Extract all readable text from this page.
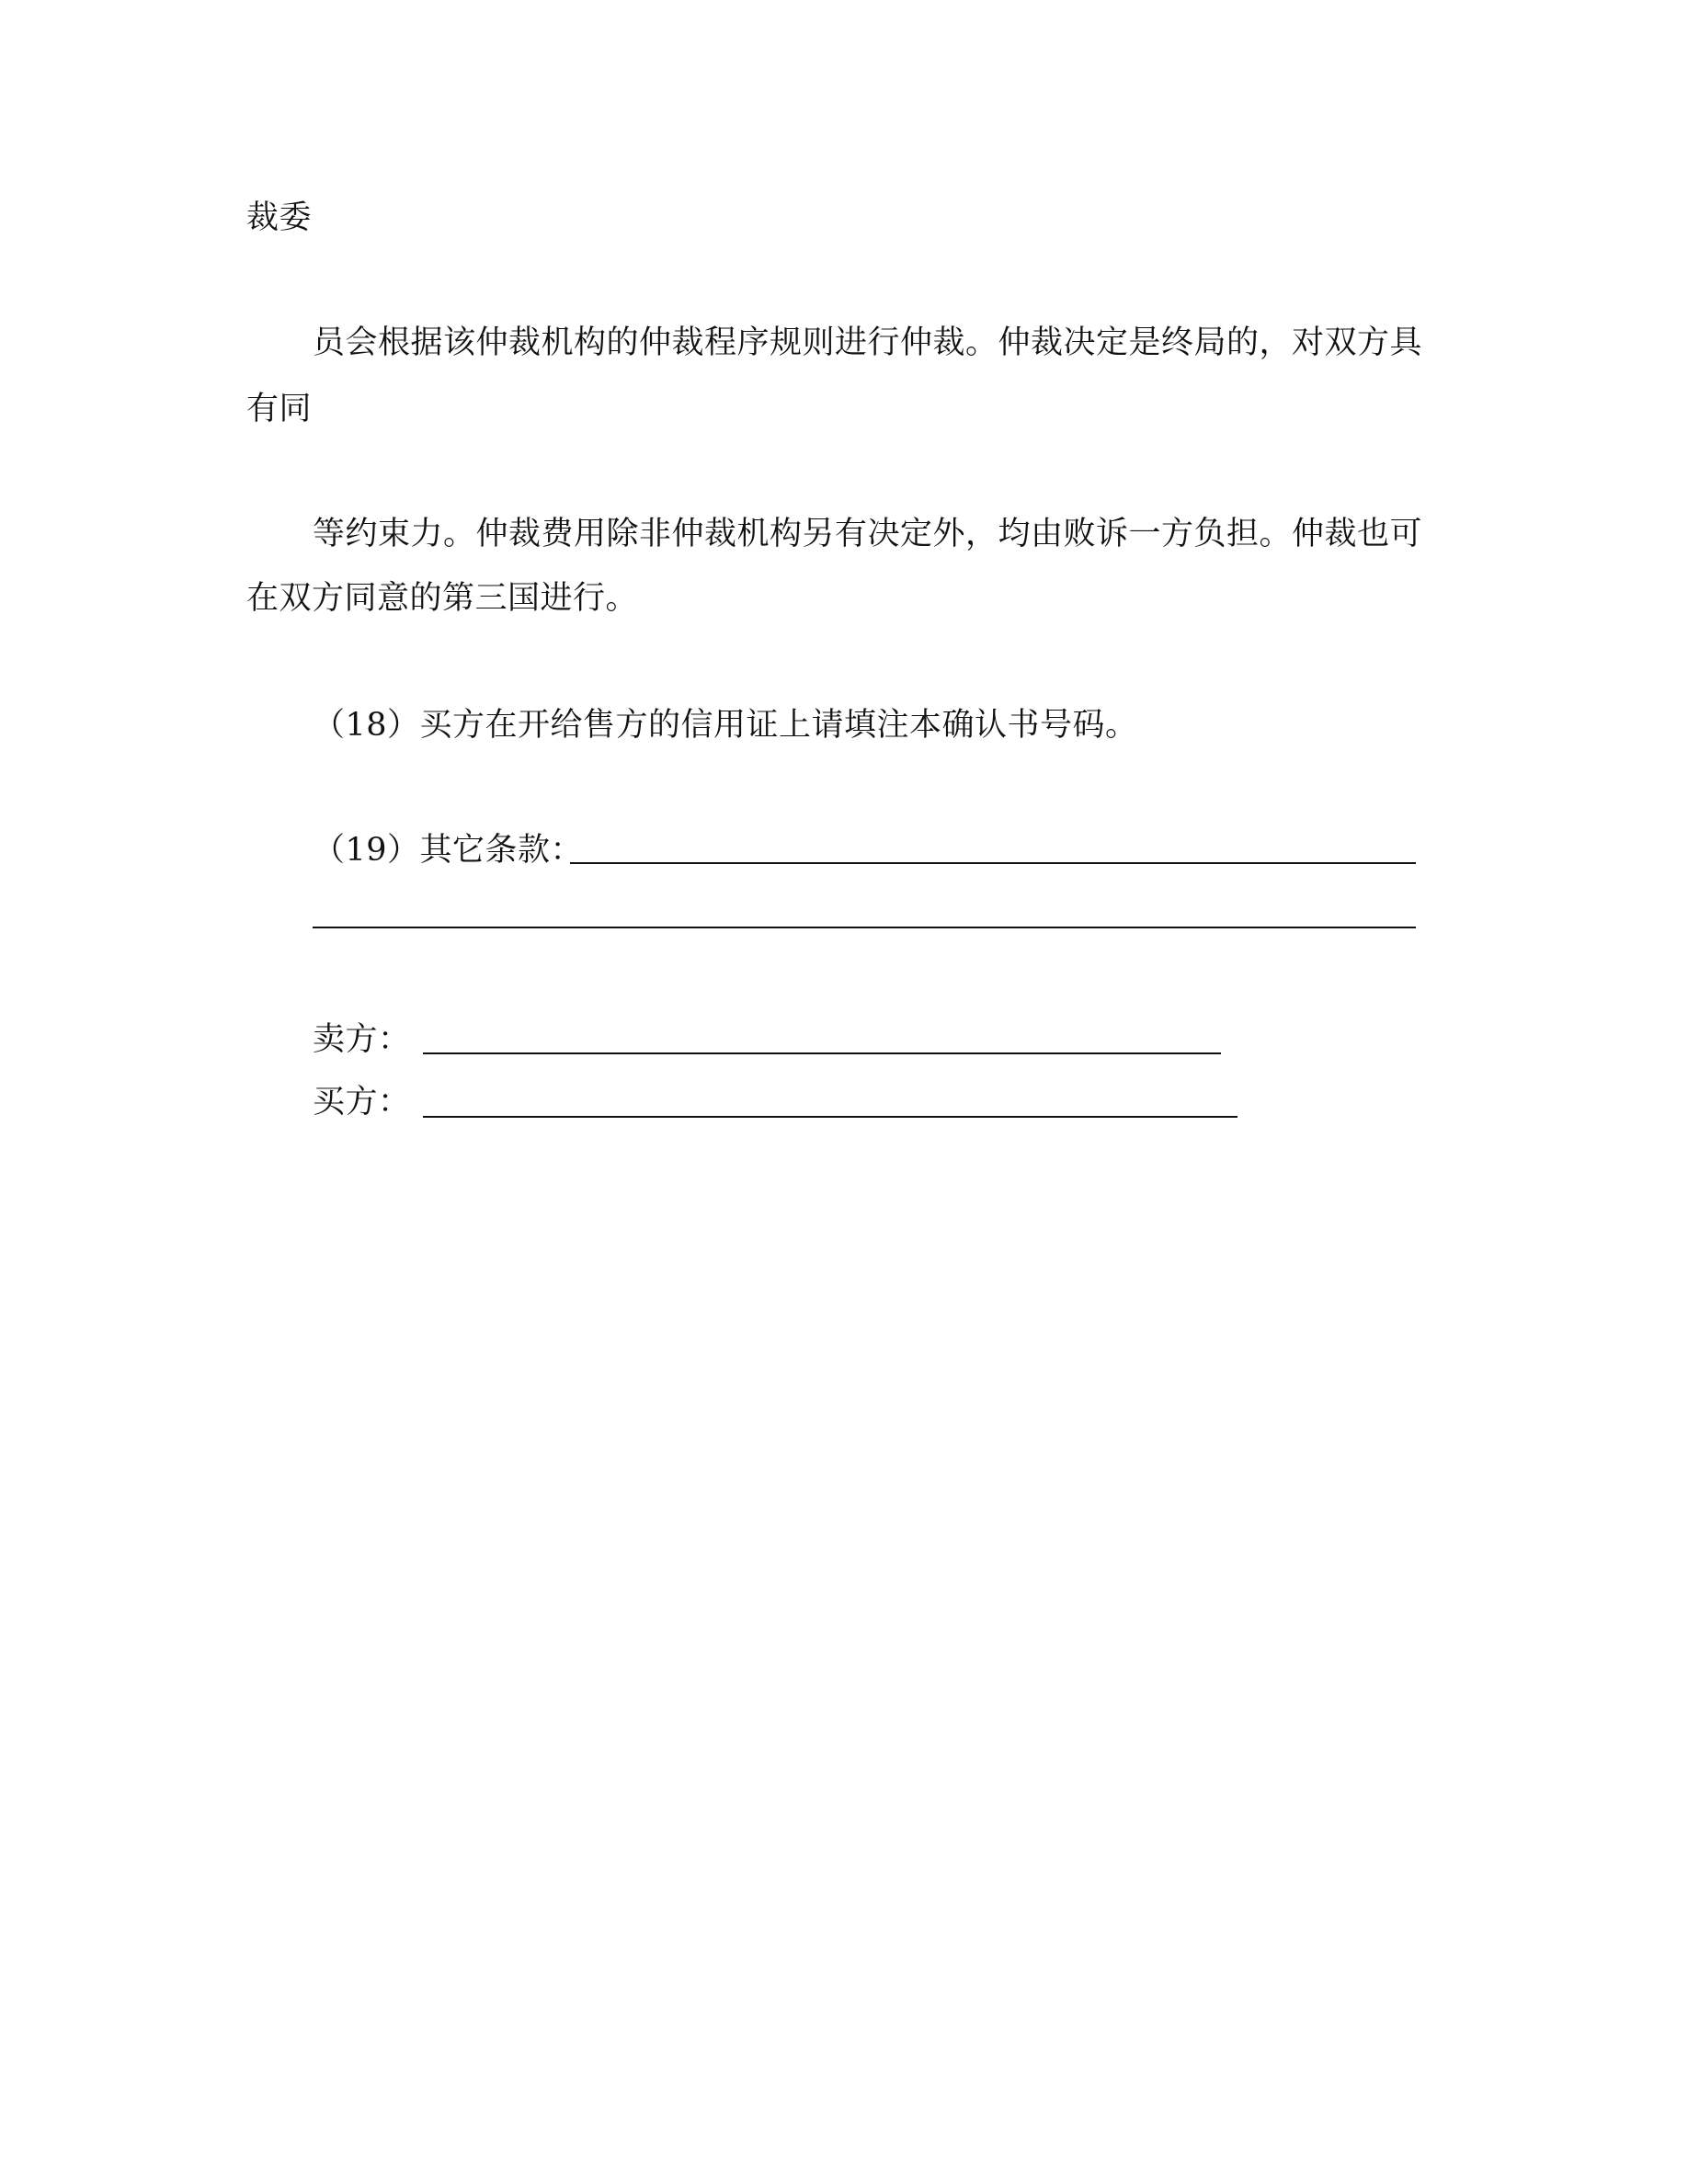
裁委
员会根据该仲裁机构的仲裁程序规则进行仲裁。仲裁决定是终局的，对双方具
有同
等约束力。仲裁费用除非仲裁机构另有决定外，均由败诉一方负担。仲裁也可
在双方同意的第三国进行。
（18）买方在开给售方的信用证上请填注本确认书号码。
（19）其它条款：
卖方：
买方：
